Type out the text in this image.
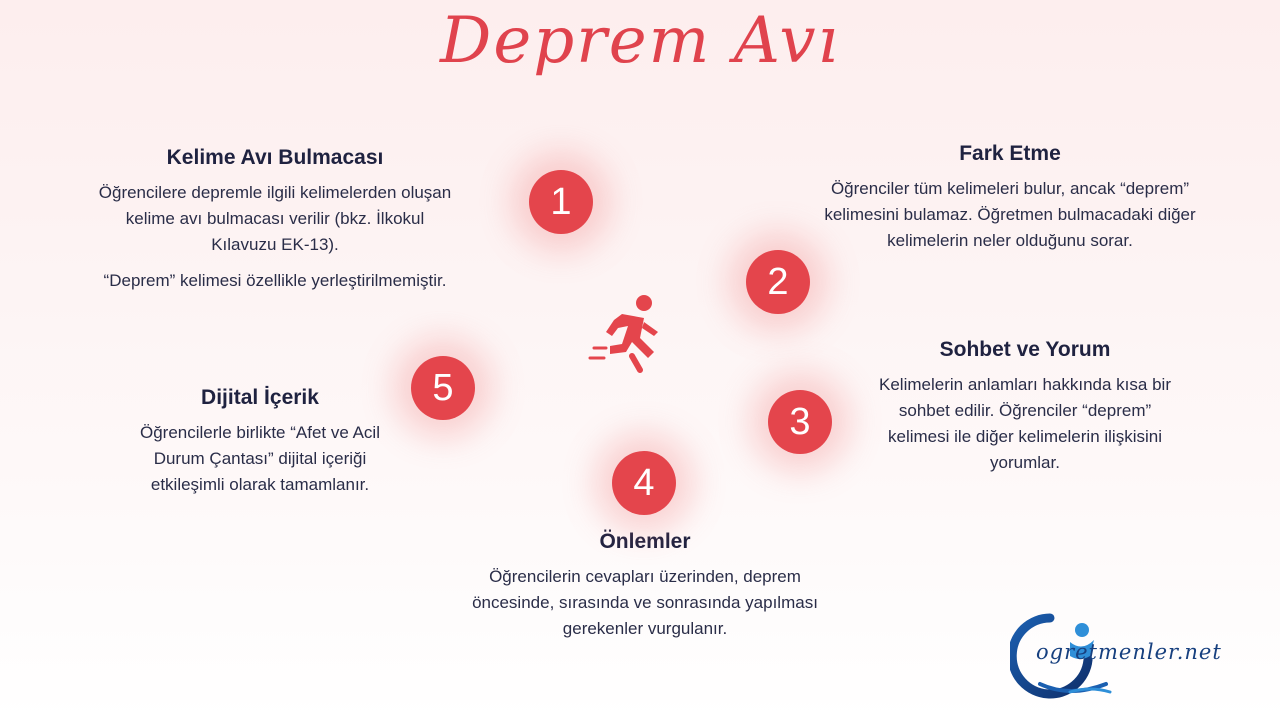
Deprem Avı
Kelime Avı Bulmacası

Öğrencilere depremle ilgili kelimelerden oluşan
kelime avı bulmacası verilir (bkz. İlkokul
Kılavuzu EK-13).

“Deprem” kelimesi özellikle yerleştirilmemiştir.

1
Fark Etme

Öğrenciler tüm kelimeleri bulur, ancak “deprem”
kelimesini bulamaz. Öğretmen bulmacadaki diğer
kelimelerin neler olduğunu sorar.

2
Sohbet ve Yorum

Kelimelerin anlamları hakkında kısa bir
sohbet edilir. Öğrenciler “deprem”
kelimesi ile diğer kelimelerin ilişkisini
yorumlar.

3
Önlemler

Öğrencilerin cevapları üzerinden, deprem
öncesinde, sırasında ve sonrasında yapılması
gerekenler vurgulanır.

4
Dijital İçerik

Öğrencilerle birlikte “Afet ve Acil
Durum Çantası” dijital içeriği
etkileşimli olarak tamamlanır.

5
ogretmenler.net
